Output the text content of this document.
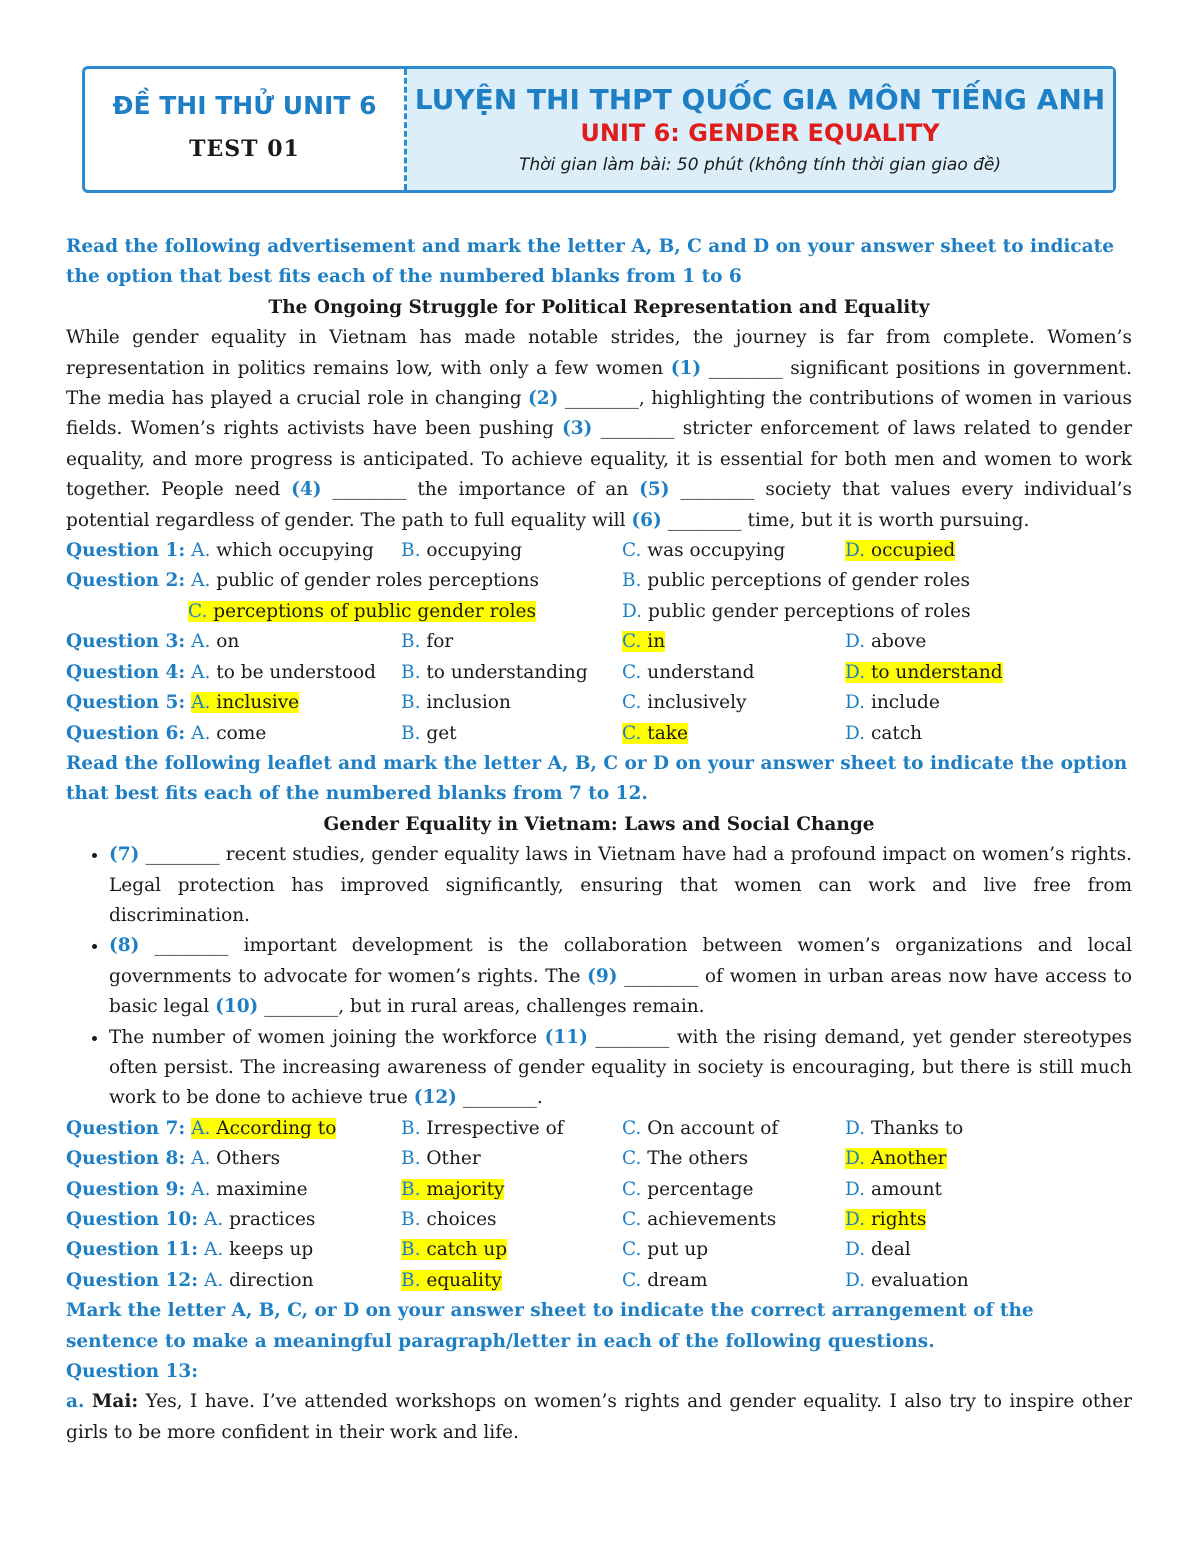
ĐỀ THI THỬ UNIT 6
TEST 01
LUYỆN THI THPT QUỐC GIA MÔN TIẾNG ANH
UNIT 6: GENDER EQUALITY
Thời gian làm bài: 50 phút (không tính thời gian giao đề)
Read the following advertisement and mark the letter A, B, C and D on your answer sheet to indicate the option that best fits each of the numbered blanks from 1 to 6
The Ongoing Struggle for Political Representation and Equality
While gender equality in Vietnam has made notable strides, the journey is far from complete. Women’s representation in politics remains low, with only a few women (1) ________ significant positions in government. The media has played a crucial role in changing (2) ________, highlighting the contributions of women in various fields. Women’s rights activists have been pushing (3) ________ stricter enforcement of laws related to gender equality, and more progress is anticipated. To achieve equality, it is essential for both men and women to work together. People need (4) ________ the importance of an (5) ________ society that values every individual’s potential regardless of gender. The path to full equality will (6) ________ time, but it is worth pursuing.
Question 1: A. which occupying	B. occupying	C. was occupying	D. occupied
Question 2: A. public of gender roles perceptions	B. public perceptions of gender roles
C. perceptions of public gender roles	D. public gender perceptions of roles
Question 3: A. on	B. for	C. in	D. above
Question 4: A. to be understood	B. to understanding	C. understand	D. to understand
Question 5: A. inclusive	B. inclusion	C. inclusively	D. include
Question 6: A. come	B. get	C. take	D. catch
Read the following leaflet and mark the letter A, B, C or D on your answer sheet to indicate the option that best fits each of the numbered blanks from 7 to 12.
Gender Equality in Vietnam: Laws and Social Change
• (7) ________ recent studies, gender equality laws in Vietnam have had a profound impact on women’s rights. Legal protection has improved significantly, ensuring that women can work and live free from discrimination.
• (8) ________ important development is the collaboration between women’s organizations and local governments to advocate for women’s rights. The (9) ________ of women in urban areas now have access to basic legal (10) ________, but in rural areas, challenges remain.
• The number of women joining the workforce (11) ________ with the rising demand, yet gender stereotypes often persist. The increasing awareness of gender equality in society is encouraging, but there is still much work to be done to achieve true (12) ________.
Question 7: A. According to	B. Irrespective of	C. On account of	D. Thanks to
Question 8: A. Others	B. Other	C. The others	D. Another
Question 9: A. maximine	B. majority	C. percentage	D. amount
Question 10: A. practices	B. choices	C. achievements	D. rights
Question 11: A. keeps up	B. catch up	C. put up	D. deal
Question 12: A. direction	B. equality	C. dream	D. evaluation
Mark the letter A, B, C, or D on your answer sheet to indicate the correct arrangement of the sentence to make a meaningful paragraph/letter in each of the following questions.
Question 13:
a. Mai: Yes, I have. I’ve attended workshops on women’s rights and gender equality. I also try to inspire other girls to be more confident in their work and life.
